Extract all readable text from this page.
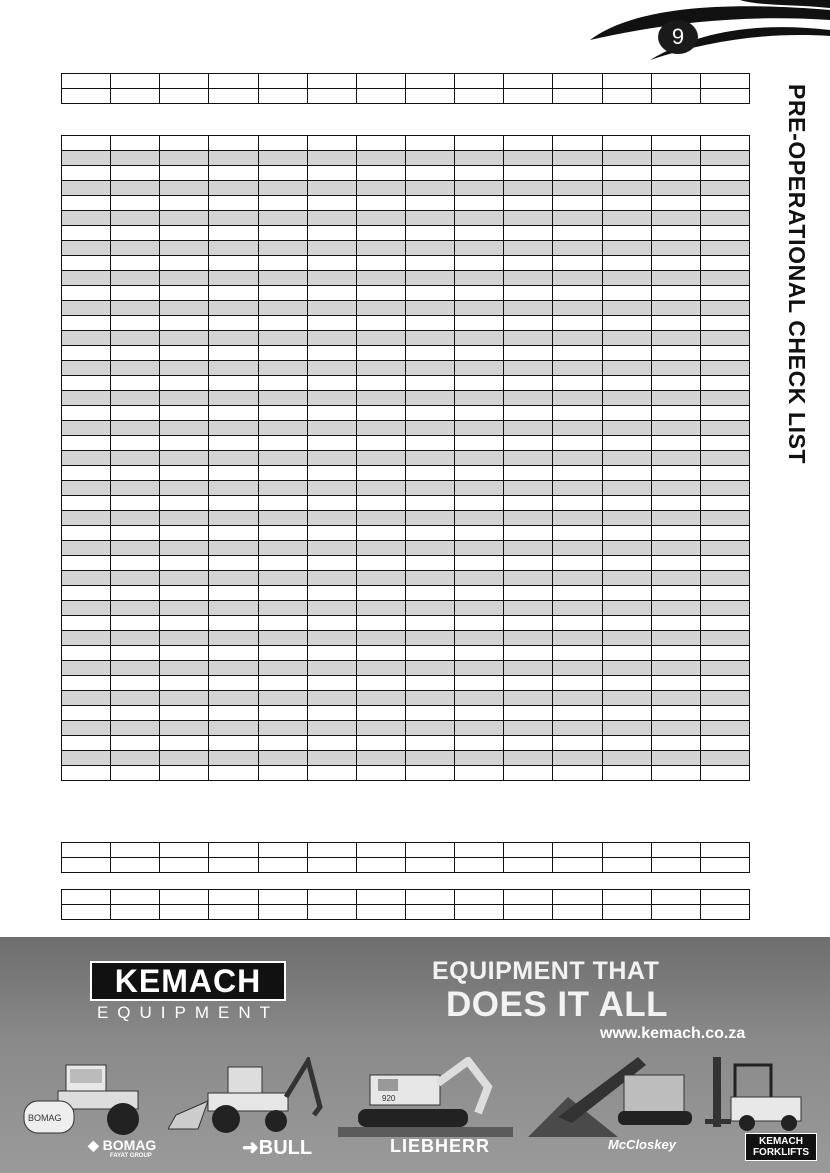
9
PRE-OPERATIONAL CHECK LIST

KEMACH
EQUIPMENT
EQUIPMENT THAT
DOES IT ALL
www.kemach.co.za
BOMAG
920
◆ BOMAG
FAYAT GROUP	➜BULL	LIEBHERR	McCloskey	KEMACH
FORKLIFTS
